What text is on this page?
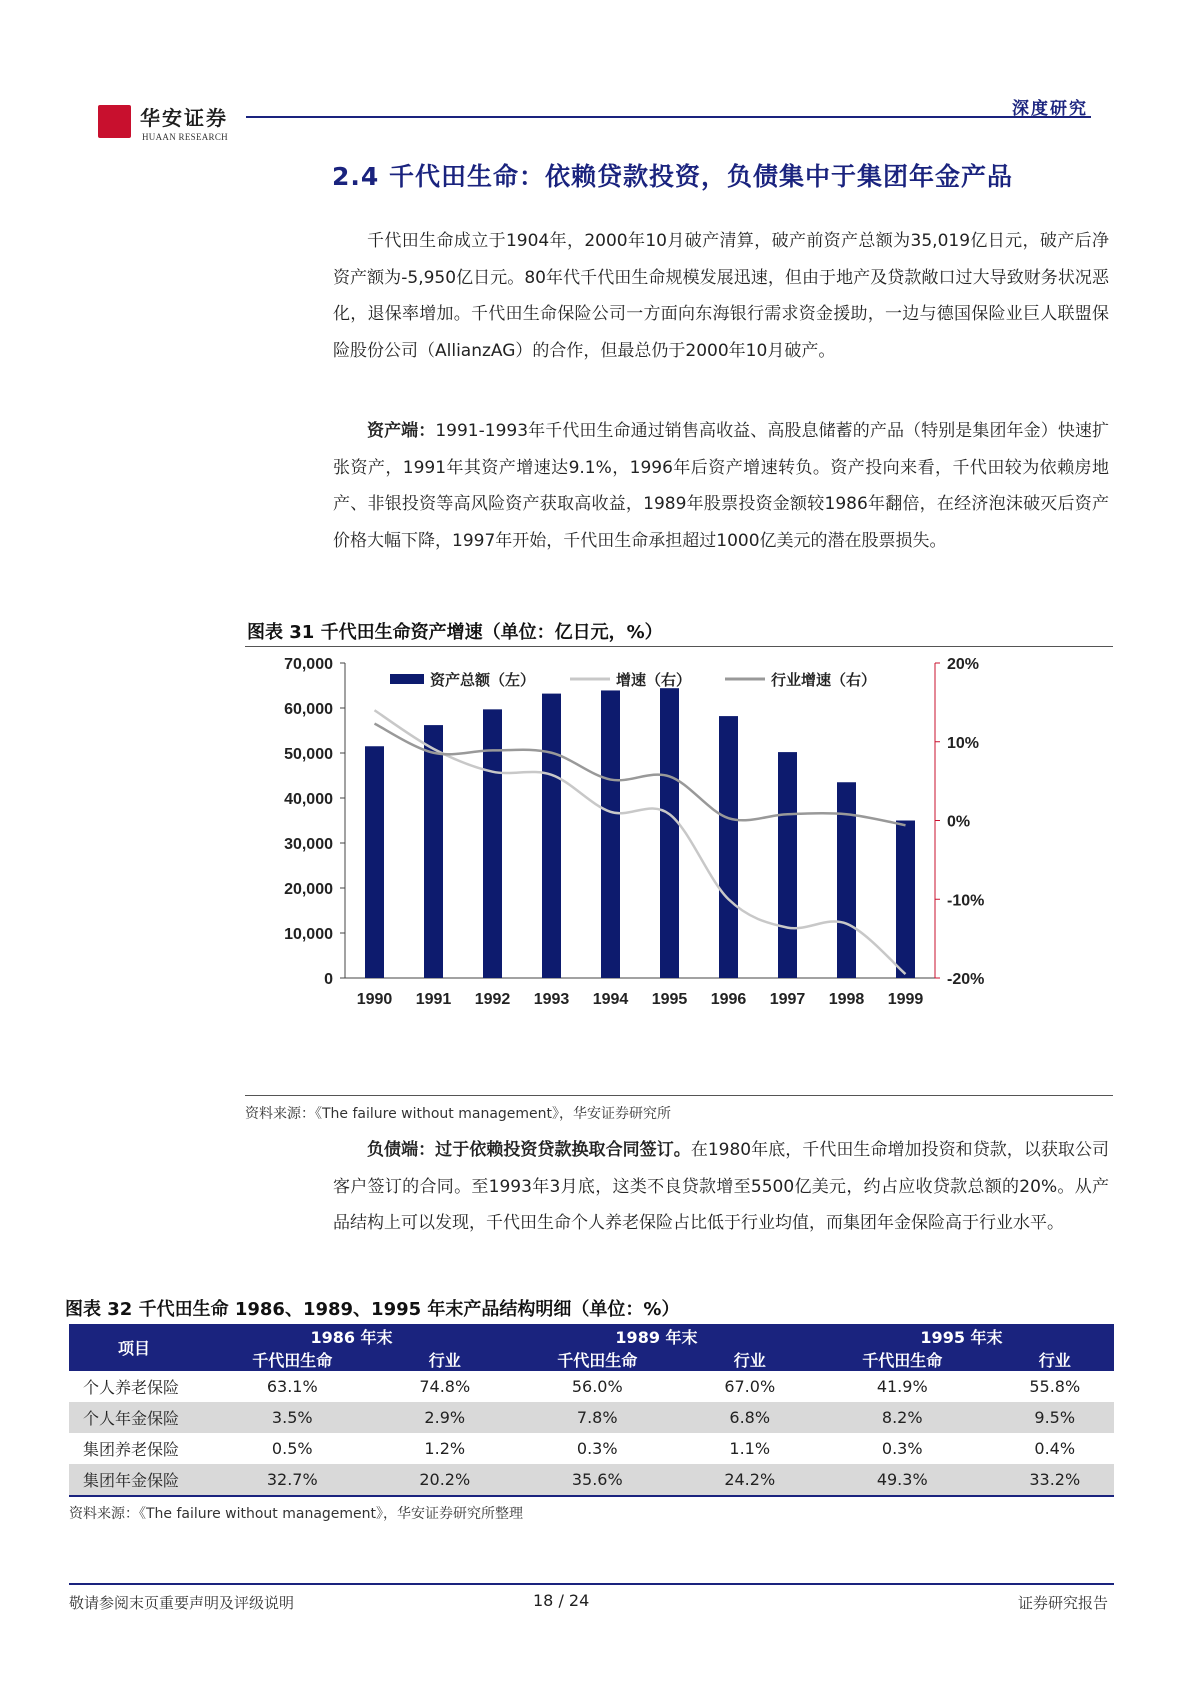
华安证券
HUAAN RESEARCH
深度研究
2.4 千代田生命：依赖贷款投资，负债集中于集团年金产品
千代田生命成立于1904年，2000年10月破产清算，破产前资产总额为35,019亿日元，破产后净资产额为-5,950亿日元。80年代千代田生命规模发展迅速，但由于地产及贷款敞口过大导致财务状况恶化，退保率增加。千代田生命保险公司一方面向东海银行需求资金援助，一边与德国保险业巨人联盟保险股份公司（AllianzAG）的合作，但最总仍于2000年10月破产。
资产端：1991-1993年千代田生命通过销售高收益、高股息储蓄的产品（特别是集团年金）快速扩张资产，1991年其资产增速达9.1%，1996年后资产增速转负。资产投向来看，千代田较为依赖房地产、非银投资等高风险资产获取高收益，1989年股票投资金额较1986年翻倍，在经济泡沫破灭后资产价格大幅下降，1997年开始，千代田生命承担超过1000亿美元的潜在股票损失。
图表 31 千代田生命资产增速（单位：亿日元，%）
0
10,000
20,000
30,000
40,000
50,000
60,000
70,000
-20%
-10%
0%
10%
20%
1990 1991 1992 1993 1994 1995 1996 1997 1998 1999
资产总额（左）	增速（右）	行业增速（右）
资料来源：《The failure without management》，华安证券研究所
负债端：过于依赖投资贷款换取合同签订。在1980年底，千代田生命增加投资和贷款，以获取公司客户签订的合同。至1993年3月底，这类不良贷款增至5500亿美元，约占应收贷款总额的20%。从产品结构上可以发现，千代田生命个人养老保险占比低于行业均值，而集团年金保险高于行业水平。
图表 32 千代田生命 1986、1989、1995 年末产品结构明细（单位：%）
项目	1986 年末		1989 年末		1995 年末	
	千代田生命	行业	千代田生命	行业	千代田生命	行业
个人养老保险	63.1%	74.8%	56.0%	67.0%	41.9%	55.8%
个人年金保险	3.5%	2.9%	7.8%	6.8%	8.2%	9.5%
集团养老保险	0.5%	1.2%	0.3%	1.1%	0.3%	0.4%
集团年金保险	32.7%	20.2%	35.6%	24.2%	49.3%	33.2%
资料来源：《The failure without management》，华安证券研究所整理
敬请参阅末页重要声明及评级说明	18 / 24	证券研究报告
